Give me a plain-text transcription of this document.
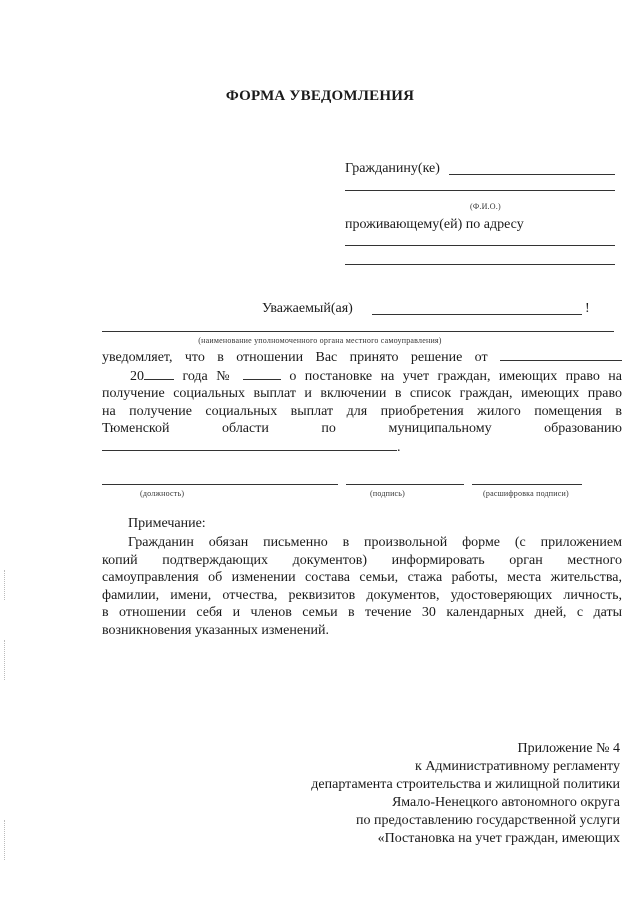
ФОРМА УВЕДОМЛЕНИЯ
Гражданину(ке)
(Ф.И.О.)
проживающему(ей) по адресу
Уважаемый(ая)	!
(наименование уполномоченного органа местного самоуправления)
уведомляет, что в отношении Вас принято решение от
20	года №	о постановке на учет граждан, имеющих право на
получение социальных выплат и включении в список граждан, имеющих право
на получение социальных выплат для приобретения жилого помещения в
Тюменской области по муниципальному образованию
.
(должность)	(подпись)	(расшифровка подписи)
Примечание:
Гражданин обязан письменно в произвольной форме (с приложением
копий подтверждающих документов) информировать орган местного
самоуправления об изменении состава семьи, стажа работы, места жительства,
фамилии, имени, отчества, реквизитов документов, удостоверяющих личность,
в отношении себя и членов семьи в течение 30 календарных дней, с даты
возникновения указанных изменений.
Приложение № 4
к Административному регламенту
департамента строительства и жилищной политики
Ямало-Ненецкого автономного округа
по предоставлению государственной услуги
«Постановка на учет граждан, имеющих
